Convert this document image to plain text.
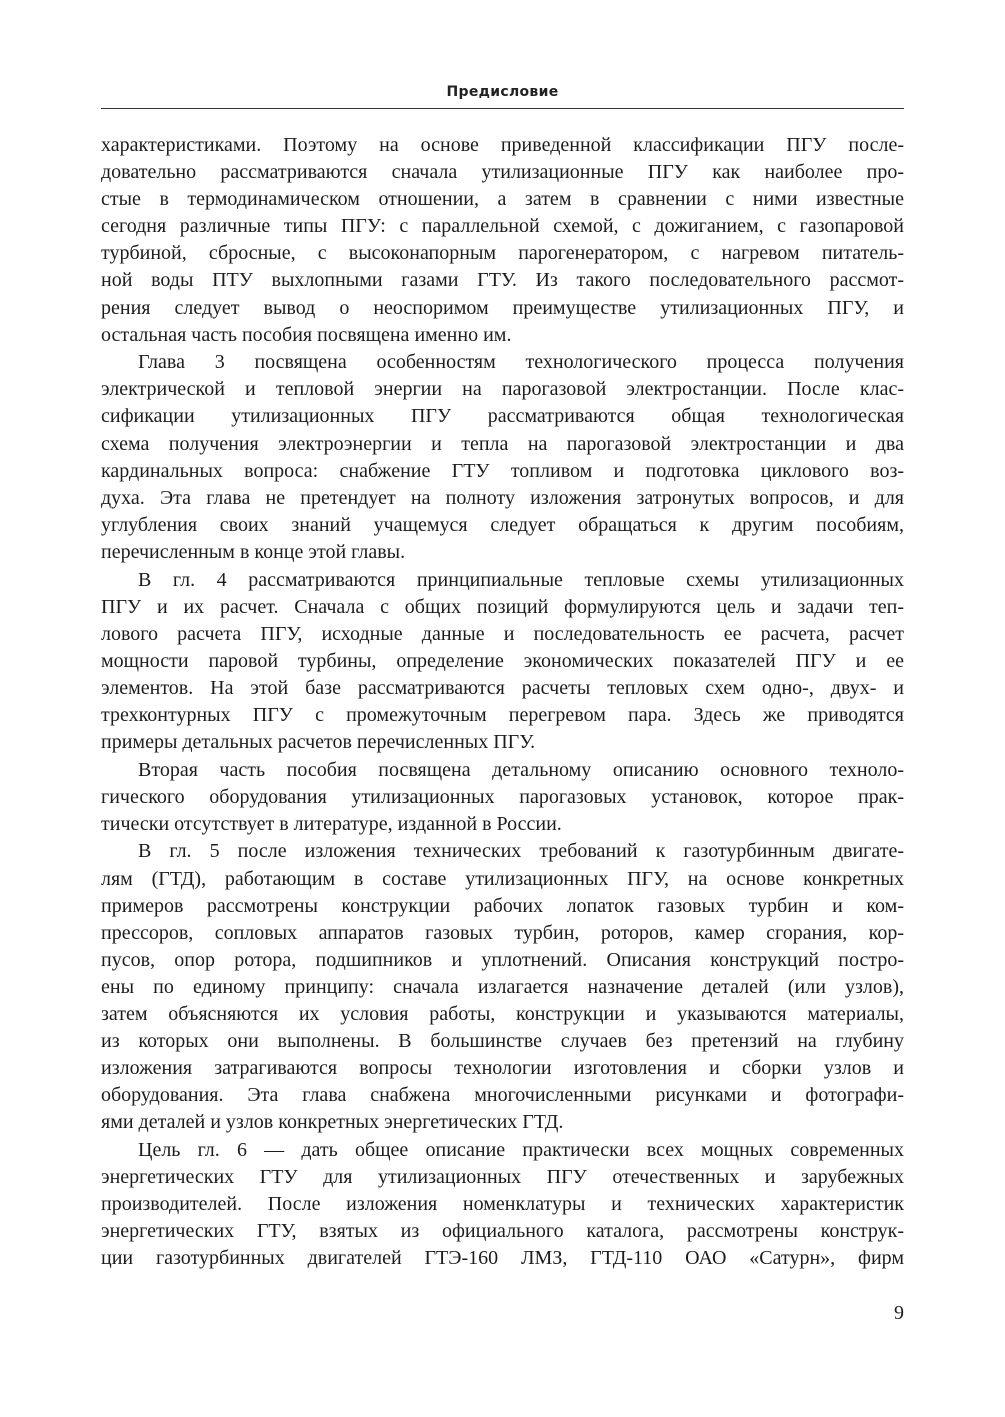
Предисловие
характеристиками. Поэтому на основе приведенной классификации ПГУ после-
довательно рассматриваются сначала утилизационные ПГУ как наиболее про-
стые в термодинамическом отношении, а затем в сравнении с ними известные
сегодня различные типы ПГУ: с параллельной схемой, с дожиганием, с газопаровой
турбиной, сбросные, с высоконапорным парогенератором, с нагревом питатель-
ной воды ПТУ выхлопными газами ГТУ. Из такого последовательного рассмот-
рения следует вывод о неоспоримом преимуществе утилизационных ПГУ, и
остальная часть пособия посвящена именно им.
Глава 3 посвящена особенностям технологического процесса получения
электрической и тепловой энергии на парогазовой электростанции. После клас-
сификации утилизационных ПГУ рассматриваются общая технологическая
схема получения электроэнергии и тепла на парогазовой электростанции и два
кардинальных вопроса: снабжение ГТУ топливом и подготовка циклового воз-
духа. Эта глава не претендует на полноту изложения затронутых вопросов, и для
углубления своих знаний учащемуся следует обращаться к другим пособиям,
перечисленным в конце этой главы.
В гл. 4 рассматриваются принципиальные тепловые схемы утилизационных
ПГУ и их расчет. Сначала с общих позиций формулируются цель и задачи теп-
лового расчета ПГУ, исходные данные и последовательность ее расчета, расчет
мощности паровой турбины, определение экономических показателей ПГУ и ее
элементов. На этой базе рассматриваются расчеты тепловых схем одно-, двух- и
трехконтурных ПГУ с промежуточным перегревом пара. Здесь же приводятся
примеры детальных расчетов перечисленных ПГУ.
Вторая часть пособия посвящена детальному описанию основного техноло-
гического оборудования утилизационных парогазовых установок, которое прак-
тически отсутствует в литературе, изданной в России.
В гл. 5 после изложения технических требований к газотурбинным двигате-
лям (ГТД), работающим в составе утилизационных ПГУ, на основе конкретных
примеров рассмотрены конструкции рабочих лопаток газовых турбин и ком-
прессоров, сопловых аппаратов газовых турбин, роторов, камер сгорания, кор-
пусов, опор ротора, подшипников и уплотнений. Описания конструкций постро-
ены по единому принципу: сначала излагается назначение деталей (или узлов),
затем объясняются их условия работы, конструкции и указываются материалы,
из которых они выполнены. В большинстве случаев без претензий на глубину
изложения затрагиваются вопросы технологии изготовления и сборки узлов и
оборудования. Эта глава снабжена многочисленными рисунками и фотографи-
ями деталей и узлов конкретных энергетических ГТД.
Цель гл. 6 — дать общее описание практически всех мощных современных
энергетических ГТУ для утилизационных ПГУ отечественных и зарубежных
производителей. После изложения номенклатуры и технических характеристик
энергетических ГТУ, взятых из официального каталога, рассмотрены конструк-
ции газотурбинных двигателей ГТЭ-160 ЛМЗ, ГТД-110 ОАО «Сатурн», фирм
9
